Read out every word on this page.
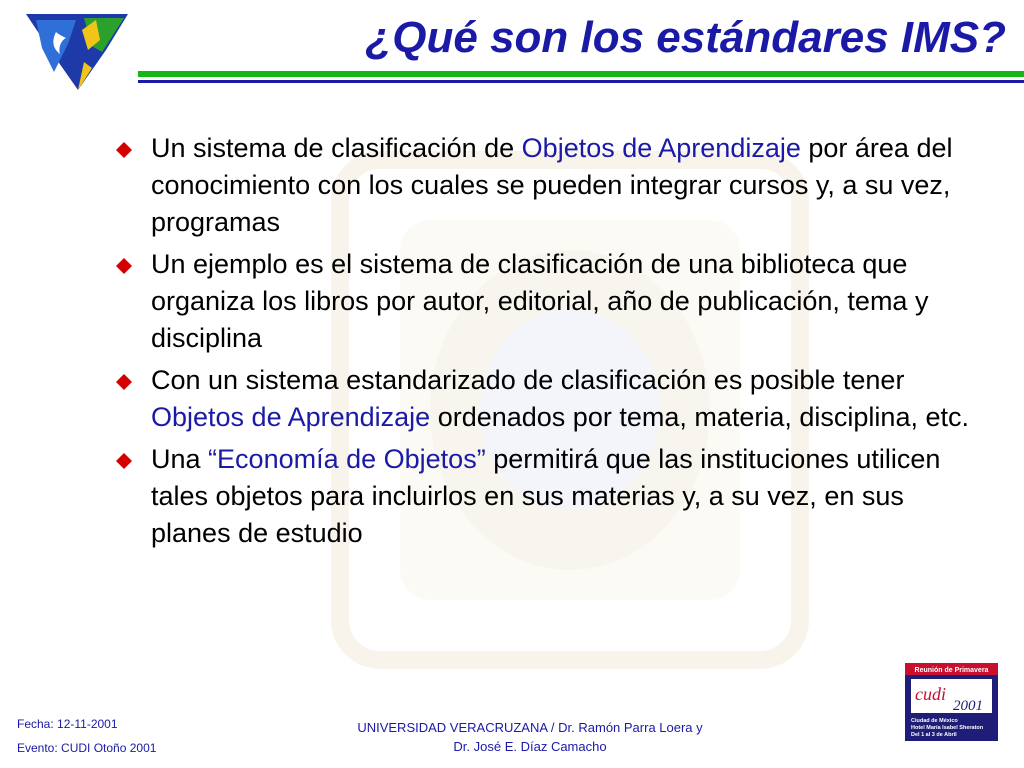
¿Qué son los estándares IMS?
Un sistema de clasificación de Objetos de Aprendizaje por área del conocimiento con los cuales se pueden integrar cursos y, a su vez, programas
Un ejemplo es el sistema de clasificación de una biblioteca que organiza los libros por autor, editorial, año de publicación, tema y disciplina
Con un sistema estandarizado de clasificación es posible tener Objetos de Aprendizaje ordenados por tema, materia, disciplina, etc.
Una “Economía de Objetos” permitirá que las instituciones utilicen tales objetos para incluirlos en sus materias y, a su vez, en sus planes de estudio
Fecha: 12-11-2001
Evento: CUDI Otoño 2001
UNIVERSIDAD VERACRUZANA / Dr. Ramón Parra Loera y
Dr. José E. Díaz Camacho
Reunión de Primavera
cudi
2001
Ciudad de México
Hotel María Isabel Sheraton
Del 1 al 3 de Abril
